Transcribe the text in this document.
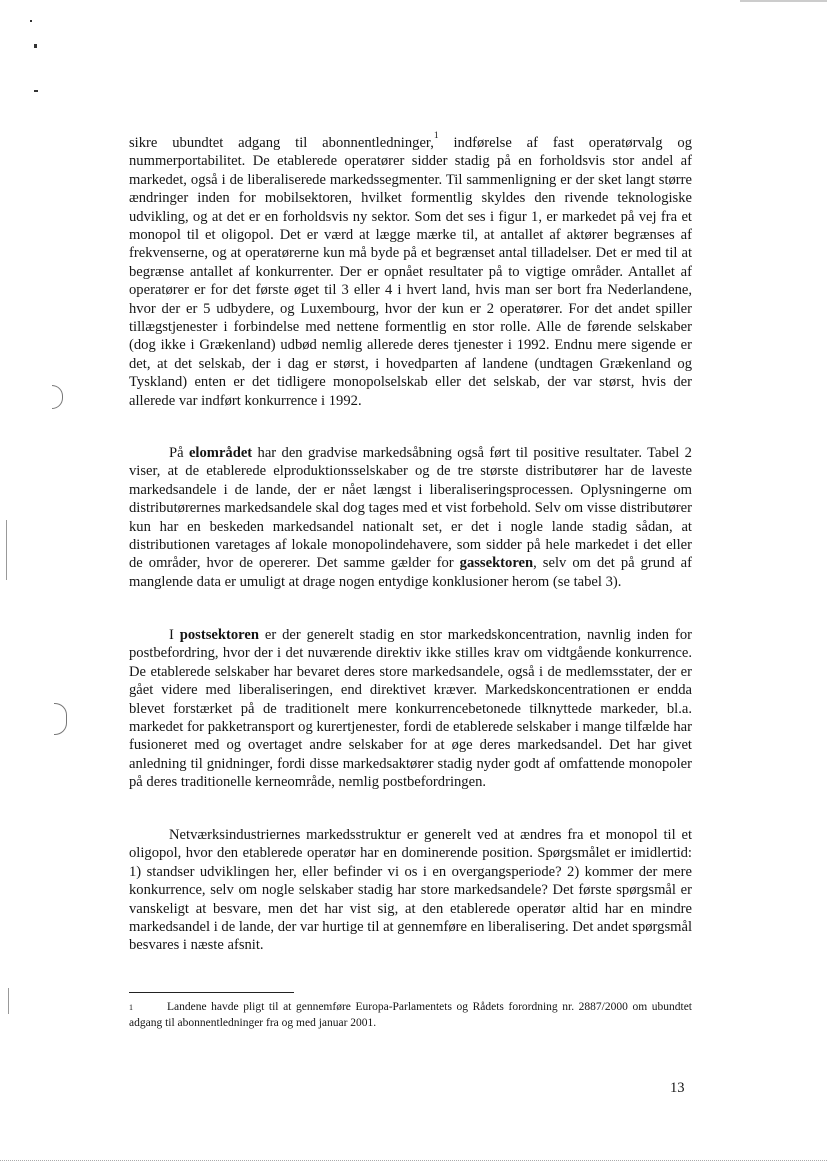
sikre ubundtet adgang til abonnentledninger,$^1$ indførelse af fast operatørvalg og nummerportabilitet. De etablerede operatører sidder stadig på en forholdsvis stor andel af markedet, også i de liberaliserede markedssegmenter. Til sammenligning er der sket langt større ændringer inden for mobilsektoren, hvilket formentlig skyldes den rivende teknologiske udvikling, og at det er en forholdsvis ny sektor. Som det ses i figur 1, er markedet på vej fra et monopol til et oligopol. Det er værd at lægge mærke til, at antallet af aktører begrænses af frekvenserne, og at operatørerne kun må byde på et begrænset antal tilladelser. Det er med til at begrænse antallet af konkurrenter. Der er opnået resultater på to vigtige områder. Antallet af operatører er for det første øget til 3 eller 4 i hvert land, hvis man ser bort fra Nederlandene, hvor der er 5 udbydere, og Luxembourg, hvor der kun er 2 operatører. For det andet spiller tillægstjenester i forbindelse med nettene formentlig en stor rolle. Alle de førende selskaber (dog ikke i Grækenland) udbød nemlig allerede deres tjenester i 1992. Endnu mere sigende er det, at det selskab, der i dag er størst, i hovedparten af landene (undtagen Grækenland og Tyskland) enten er det tidligere monopolselskab eller det selskab, der var størst, hvis der allerede var indført konkurrence i 1992.

På elområdet har den gradvise markedsåbning også ført til positive resultater. Tabel 2 viser, at de etablerede elproduktionsselskaber og de tre største distributører har de laveste markedsandele i de lande, der er nået længst i liberaliseringsprocessen. Oplysningerne om distributørernes markedsandele skal dog tages med et vist forbehold. Selv om visse distributører kun har en beskeden markedsandel nationalt set, er det i nogle lande stadig sådan, at distributionen varetages af lokale monopolindehavere, som sidder på hele markedet i det eller de områder, hvor de opererer. Det samme gælder for gassektoren, selv om det på grund af manglende data er umuligt at drage nogen entydige konklusioner herom (se tabel 3).

I postsektoren er der generelt stadig en stor markedskoncentration, navnlig inden for postbefordring, hvor der i det nuværende direktiv ikke stilles krav om vidtgående konkurrence. De etablerede selskaber har bevaret deres store markedsandele, også i de medlemsstater, der er gået videre med liberaliseringen, end direktivet kræver. Markedskoncentrationen er endda blevet forstærket på de traditionelt mere konkurrencebetonede tilknyttede markeder, bl.a. markedet for pakketransport og kurertjenester, fordi de etablerede selskaber i mange tilfælde har fusioneret med og overtaget andre selskaber for at øge deres markedsandel. Det har givet anledning til gnidninger, fordi disse markedsaktører stadig nyder godt af omfattende monopoler på deres traditionelle kerneområde, nemlig postbefordringen.

Netværksindustriernes markedsstruktur er generelt ved at ændres fra et monopol til et oligopol, hvor den etablerede operatør har en dominerende position. Spørgsmålet er imidlertid: 1) standser udviklingen her, eller befinder vi os i en overgangsperiode? 2) kommer der mere konkurrence, selv om nogle selskaber stadig har store markedsandele? Det første spørgsmål er vanskeligt at besvare, men det har vist sig, at den etablerede operatør altid har en mindre markedsandel i de lande, der var hurtige til at gennemføre en liberalisering. Det andet spørgsmål besvares i næste afsnit.

$^1$	Landene havde pligt til at gennemføre Europa-Parlamentets og Rådets forordning nr. 2887/2000 om ubundtet adgang til abonnentledninger fra og med januar 2001.

13
